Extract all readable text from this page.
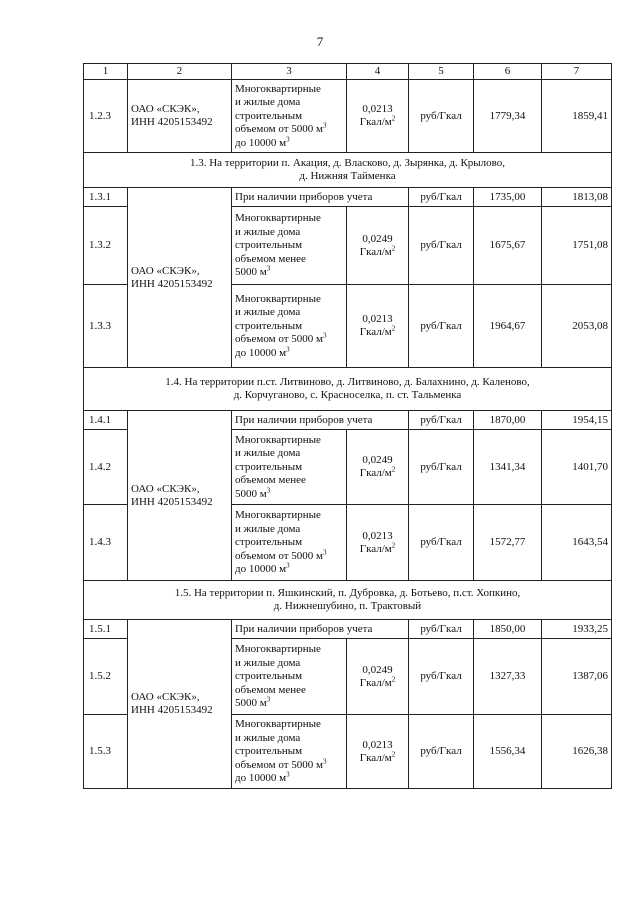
7
1	2	3	4	5	6	7
1.2.3	ОАО «СКЭК»,
ИНН 4205153492	Многоквартирные
и жилые дома
строительным
объемом от 5000 $м^3$
до 10000 $м^3$	0,0213
Гкал/$м^2$	руб/Гкал	1779,34	1859,41
1.3. На территории п. Акация, д. Власково, д. Зырянка, д. Крылово,
д. Нижняя Тайменка						
1.3.1	ОАО «СКЭК»,
ИНН 4205153492	При наличии приборов учета		руб/Гкал	1735,00	1813,08
1.3.2		Многоквартирные
и жилые дома
строительным
объемом менее
5000 $м^3$	0,0249
Гкал/$м^2$	руб/Гкал	1675,67	1751,08
1.3.3		Многоквартирные
и жилые дома
строительным
объемом от 5000 $м^3$
до 10000 $м^3$	0,0213
Гкал/$м^2$	руб/Гкал	1964,67	2053,08
1.4. На территории п.ст. Литвиново, д. Литвиново, д. Балахнино, д. Каленово,
д. Корчуганово, с. Красноселка, п. ст. Тальменка						
1.4.1	ОАО «СКЭК»,
ИНН 4205153492	При наличии приборов учета		руб/Гкал	1870,00	1954,15
1.4.2		Многоквартирные
и жилые дома
строительным
объемом менее
5000 $м^3$	0,0249
Гкал/$м^2$	руб/Гкал	1341,34	1401,70
1.4.3		Многоквартирные
и жилые дома
строительным
объемом от 5000 $м^3$
до 10000 $м^3$	0,0213
Гкал/$м^2$	руб/Гкал	1572,77	1643,54
1.5. На территории п. Яшкинский, п. Дубровка, д. Ботьево, п.ст. Хопкино,
д. Нижнешубино, п. Трактовый						
1.5.1	ОАО «СКЭК»,
ИНН 4205153492	При наличии приборов учета		руб/Гкал	1850,00	1933,25
1.5.2		Многоквартирные
и жилые дома
строительным
объемом менее
5000 $м^3$	0,0249
Гкал/$м^2$	руб/Гкал	1327,33	1387,06
1.5.3		Многоквартирные
и жилые дома
строительным
объемом от 5000 $м^3$
до 10000 $м^3$	0,0213
Гкал/$м^2$	руб/Гкал	1556,34	1626,38
